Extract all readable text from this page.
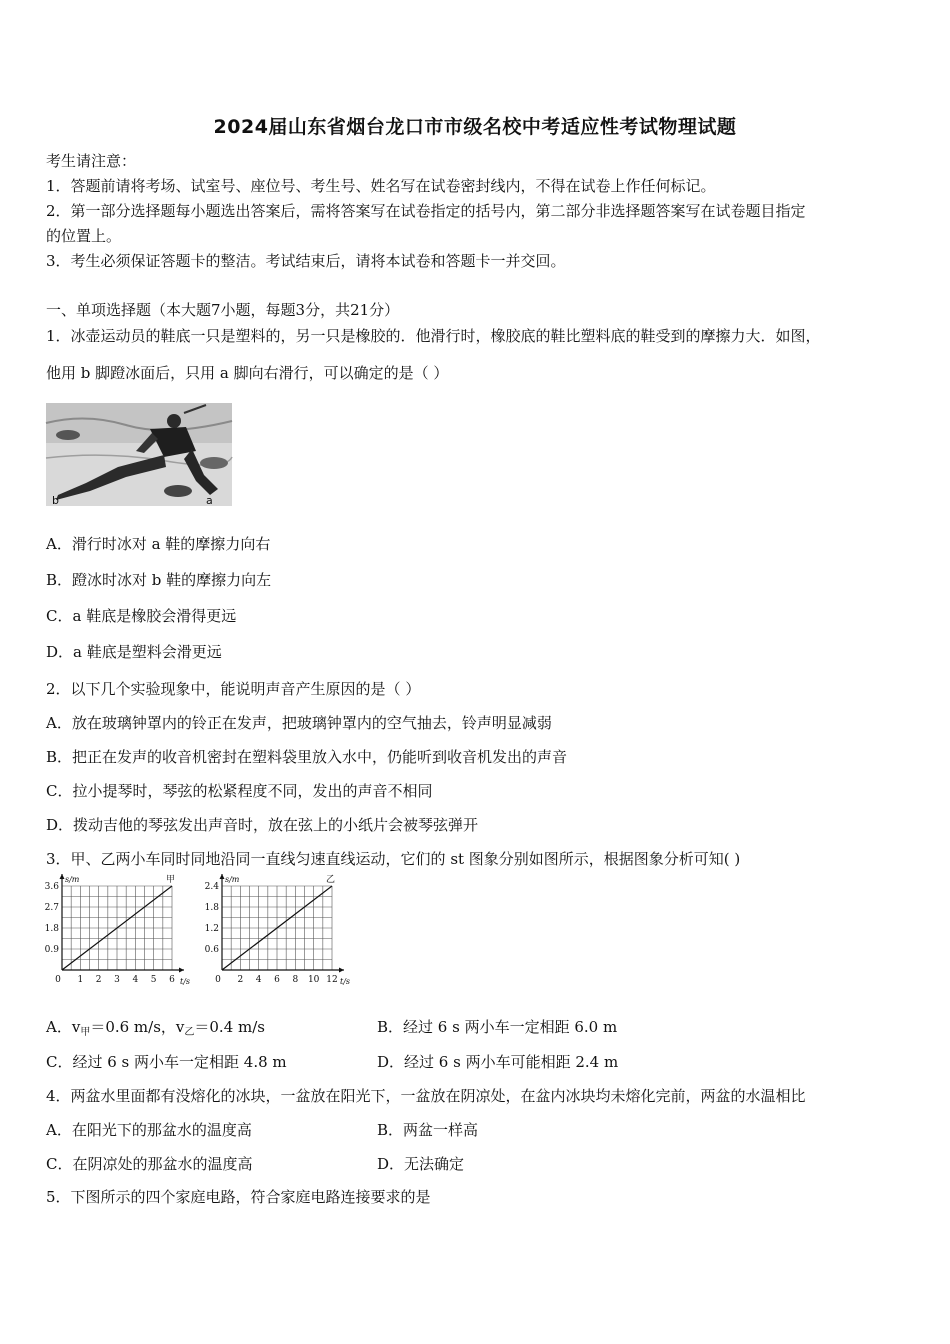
2024届山东省烟台龙口市市级名校中考适应性考试物理试题
考生请注意：
1．答题前请将考场、试室号、座位号、考生号、姓名写在试卷密封线内，不得在试卷上作任何标记。
2．第一部分选择题每小题选出答案后，需将答案写在试卷指定的括号内，第二部分非选择题答案写在试卷题目指定
的位置上。
3．考生必须保证答题卡的整洁。考试结束后，请将本试卷和答题卡一并交回。
一、单项选择题（本大题7小题，每题3分，共21分）
1．冰壶运动员的鞋底一只是塑料的，另一只是橡胶的．他滑行时，橡胶底的鞋比塑料底的鞋受到的摩擦力大．如图，
他用 b 脚蹬冰面后，只用 a 脚向右滑行，可以确定的是（ ）
b	a
A．滑行时冰对 a 鞋的摩擦力向右
B．蹬冰时冰对 b 鞋的摩擦力向左
C．a 鞋底是橡胶会滑得更远
D．a 鞋底是塑料会滑更远
2．以下几个实验现象中，能说明声音产生原因的是（ ）
A．放在玻璃钟罩内的铃正在发声，把玻璃钟罩内的空气抽去，铃声明显减弱
B．把正在发声的收音机密封在塑料袋里放入水中，仍能听到收音机发出的声音
C．拉小提琴时，琴弦的松紧程度不同，发出的声音不相同
D．拨动吉他的琴弦发出声音时，放在弦上的小纸片会被琴弦弹开
3．甲、乙两小车同时同地沿同一直线匀速直线运动，它们的 st 图象分别如图所示，根据图象分析可知( )
甲
0 1 2 3 4 5 6
0.9
1.8
2.7
3.6
s/m
t/s
乙
0 2 4 6 8 10 12
0.6
1.2
1.8
2.4
s/m
t/s
A．$v_甲=0.6$ m/s，$v_乙=0.4$ m/s	B．经过 6 s 两小车一定相距 6.0 m
C．经过 6 s 两小车一定相距 4.8 m	D．经过 6 s 两小车可能相距 2.4 m
4．两盆水里面都有没熔化的冰块，一盆放在阳光下，一盆放在阴凉处，在盆内冰块均未熔化完前，两盆的水温相比
A．在阳光下的那盆水的温度高	B．两盆一样高
C．在阴凉处的那盆水的温度高	D．无法确定
5．下图所示的四个家庭电路，符合家庭电路连接要求的是
